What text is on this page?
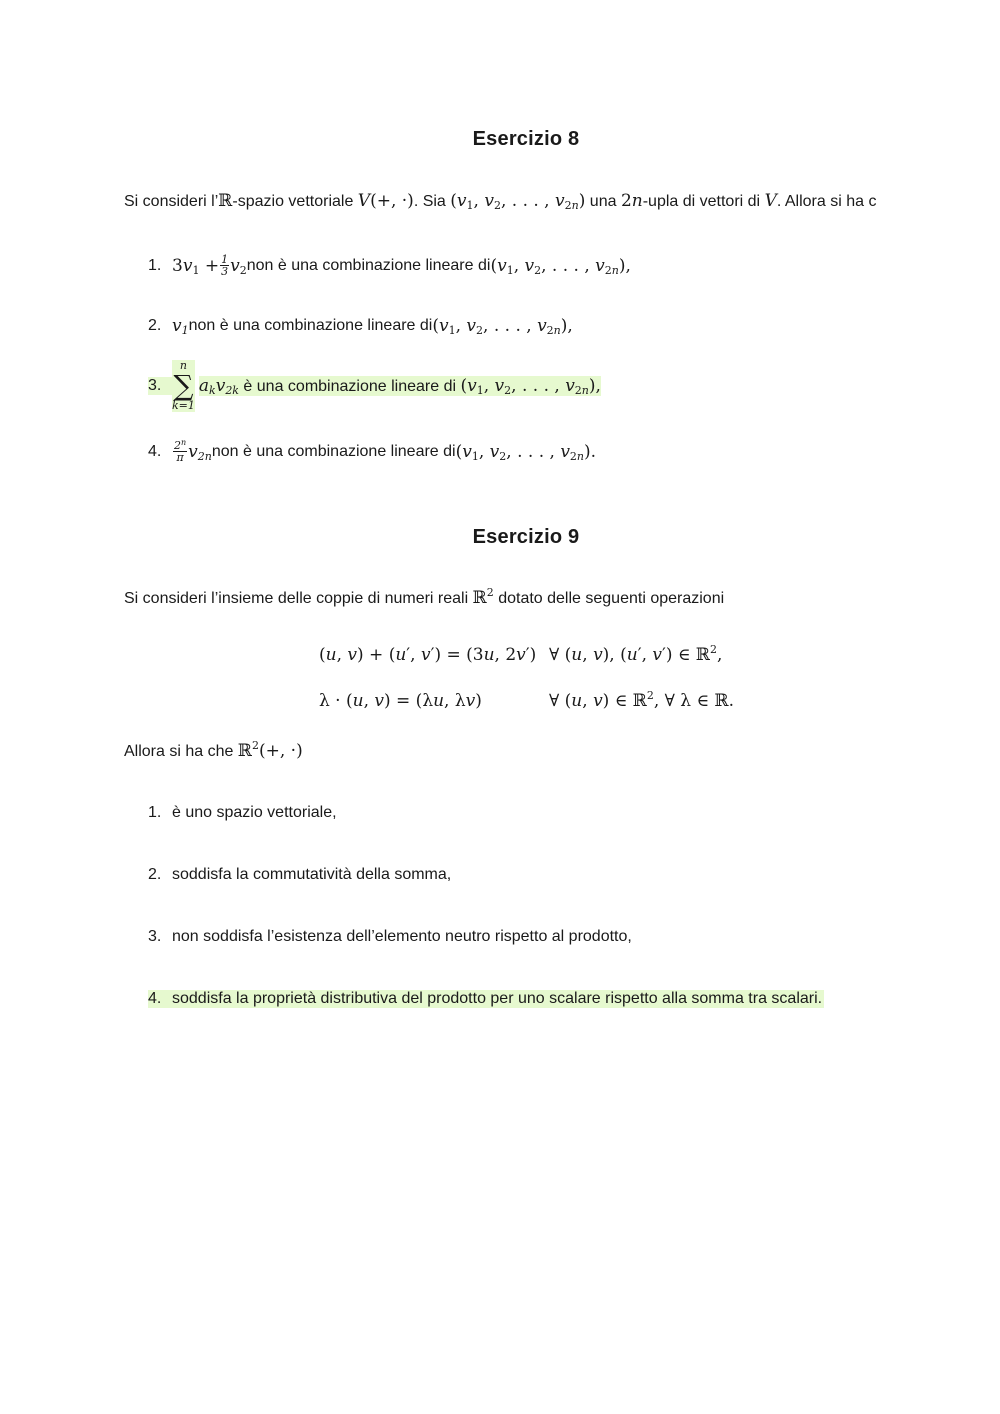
Esercizio 8
Si consideri l’ℝ-spazio vettoriale V(+, ·). Sia ($v_1$, $v_2$, . . . , $v_{2n}$) una 2n-upla di vettori di V. Allora si ha c
1. $3v_1 + \frac{1}{3} v_2$ non è una combinazione lineare di ($v_1$, $v_2$, . . . , $v_{2n}$),
2. $v_1$ non è una combinazione lineare di ($v_1$, $v_2$, . . . , $v_{2n}$),
3.
n
∑
k=1
$a_kv_{2k}$ è una combinazione lineare di ($v_1$, $v_2$, . . . , $v_{2n}$),
4.	$\frac{2^n}{\pi} v_{2n}$ non è una combinazione lineare di ($v_1$, $v_2$, . . . , $v_{2n}$).
Esercizio 9
Si consideri l’insieme delle coppie di numeri reali ℝ$^2$ dotato delle seguenti operazioni
(u, v) + (u′, v′) = (3u, 2v′) ∀ (u, v), (u′, v′) ∈ ℝ$^2$,
λ · (u, v) = (λu, λv)	∀ (u, v) ∈ ℝ$^2$, ∀ λ ∈ ℝ.
Allora si ha che ℝ$^2$(+, ·)
1. è uno spazio vettoriale,
2. soddisfa la commutatività della somma,
3. non soddisfa l’esistenza dell’elemento neutro rispetto al prodotto,
4. soddisfa la proprietà distributiva del prodotto per uno scalare rispetto alla somma tra scalari.
